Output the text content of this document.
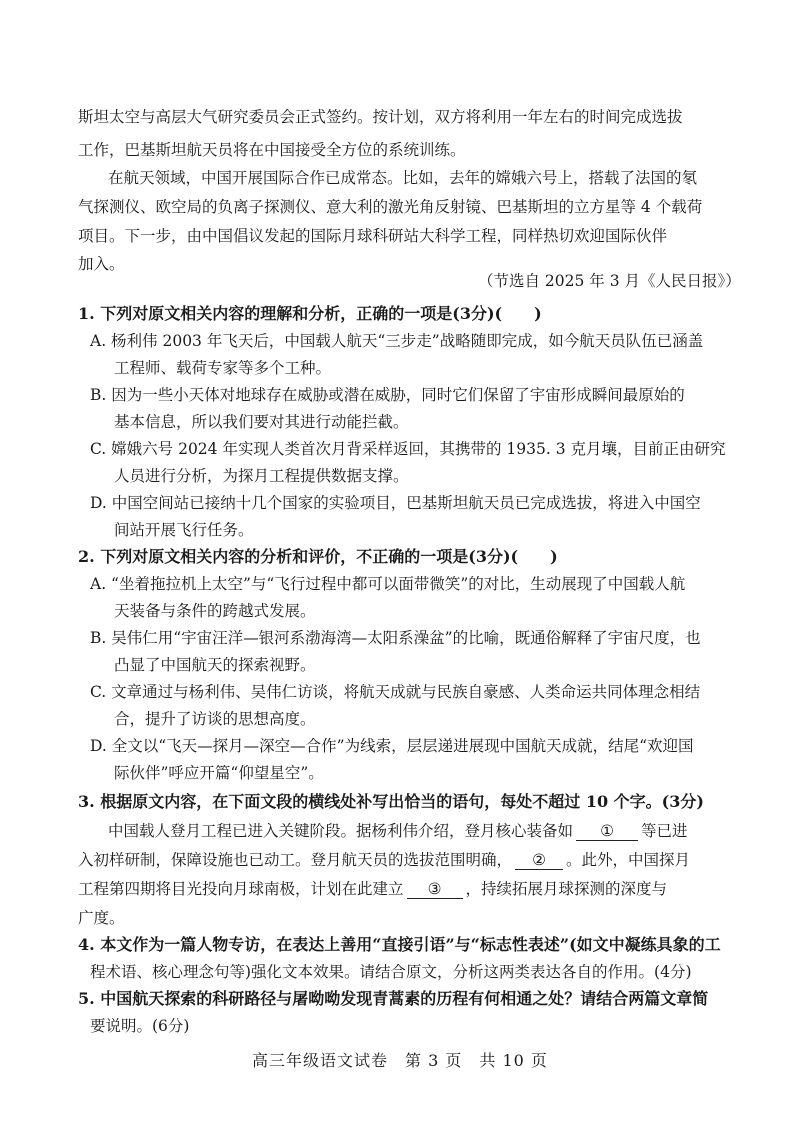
斯坦太空与高层大气研究委员会正式签约。按计划，双方将利用一年左右的时间完成选拔
工作，巴基斯坦航天员将在中国接受全方位的系统训练。
在航天领域，中国开展国际合作已成常态。比如，去年的嫦娥六号上，搭载了法国的氡
气探测仪、欧空局的负离子探测仪、意大利的激光角反射镜、巴基斯坦的立方星等 4 个载荷
项目。下一步，由中国倡议发起的国际月球科研站大科学工程，同样热切欢迎国际伙伴
加入。
（节选自 2025 年 3 月《人民日报》）
1. 下列对原文相关内容的理解和分析，正确的一项是(3分)(　　)
A. 杨利伟 2003 年飞天后，中国载人航天“三步走”战略随即完成，如今航天员队伍已涵盖
工程师、载荷专家等多个工种。
B. 因为一些小天体对地球存在威胁或潜在威胁，同时它们保留了宇宙形成瞬间最原始的
基本信息，所以我们要对其进行动能拦截。
C. 嫦娥六号 2024 年实现人类首次月背采样返回，其携带的 1935. 3 克月壤，目前正由研究
人员进行分析，为探月工程提供数据支撑。
D. 中国空间站已接纳十几个国家的实验项目，巴基斯坦航天员已完成选拔，将进入中国空
间站开展飞行任务。
2. 下列对原文相关内容的分析和评价，不正确的一项是(3分)(　　)
A. “坐着拖拉机上太空”与“飞行过程中都可以面带微笑”的对比，生动展现了中国载人航
天装备与条件的跨越式发展。
B. 吴伟仁用“宇宙汪洋—银河系渤海湾—太阳系澡盆”的比喻，既通俗解释了宇宙尺度，也
凸显了中国航天的探索视野。
C. 文章通过与杨利伟、吴伟仁访谈，将航天成就与民族自豪感、人类命运共同体理念相结
合，提升了访谈的思想高度。
D. 全文以“飞天—探月—深空—合作”为线索，层层递进展现中国航天成就，结尾“欢迎国
际伙伴”呼应开篇“仰望星空”。
3. 根据原文内容，在下面文段的横线处补写出恰当的语句，每处不超过 10 个字。(3分)
中国载人登月工程已进入关键阶段。据杨利伟介绍，登月核心装备如 ① 等已进
入初样研制，保障设施也已动工。登月航天员的选拔范围明确， ② 。此外，中国探月
工程第四期将目光投向月球南极，计划在此建立 ③ ，持续拓展月球探测的深度与
广度。
4. 本文作为一篇人物专访，在表达上善用“直接引语”与“标志性表述”(如文中凝练具象的工
程术语、核心理念句等)强化文本效果。请结合原文，分析这两类表达各自的作用。(4分)
5. 中国航天探索的科研路径与屠呦呦发现青蒿素的历程有何相通之处？请结合两篇文章简
要说明。(6分)
高三年级语文试卷　第 3 页　共 10 页
